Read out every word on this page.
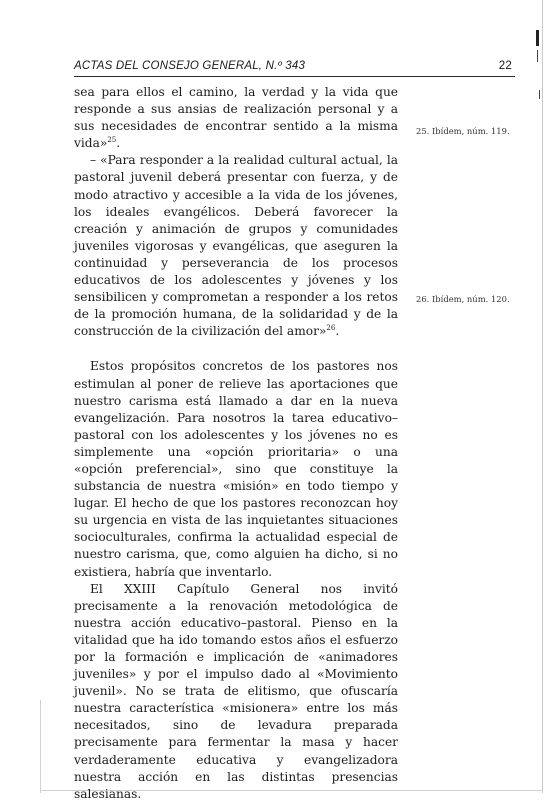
ACTAS DEL CONSEJO GENERAL, N.º 343	22

sea para ellos el camino, la verdad y la vida que responde a sus ansias de realización personal y a sus necesidades de encontrar sentido a la misma vida»$^{25}$.

– «Para responder a la realidad cultural actual, la pastoral juvenil deberá presentar con fuerza, y de modo atractivo y accesible a la vida de los jóvenes, los ideales evangélicos. Deberá favorecer la creación y animación de grupos y comunidades juveniles vigorosas y evangélicas, que aseguren la continuidad y perseverancia de los procesos educativos de los adolescentes y jóvenes y los sensibilicen y comprometan a responder a los retos de la promoción humana, de la solidaridad y de la construcción de la civilización del amor»$^{26}$.

Estos propósitos concretos de los pastores nos estimulan al poner de relieve las aportaciones que nuestro carisma está llamado a dar en la nueva evangelización. Para nosotros la tarea educativo–pastoral con los adolescentes y los jóvenes no es simplemente una «opción prioritaria» o una «opción preferencial», sino que constituye la substancia de nuestra «misión» en todo tiempo y lugar. El hecho de que los pastores reconozcan hoy su urgencia en vista de las inquietantes situaciones socioculturales, confirma la actualidad especial de nuestro carisma, que, como alguien ha dicho, si no existiera, habría que inventarlo.

El XXIII Capítulo General nos invitó precisamente a la renovación metodológica de nuestra acción educativo–pastoral. Pienso en la vitalidad que ha ido tomando estos años el esfuerzo por la formación e implicación de «animadores juveniles» y por el impulso dado al «Movimiento juvenil». No se trata de elitismo, que ofuscaría nuestra característica «misionera» entre los más necesitados, sino de levadura preparada precisamente para fermentar la masa y hacer verdaderamente educativa y evangelizadora nuestra acción en las distintas presencias salesianas.

25. Ibídem, núm. 119.
26. Ibídem, núm. 120.
